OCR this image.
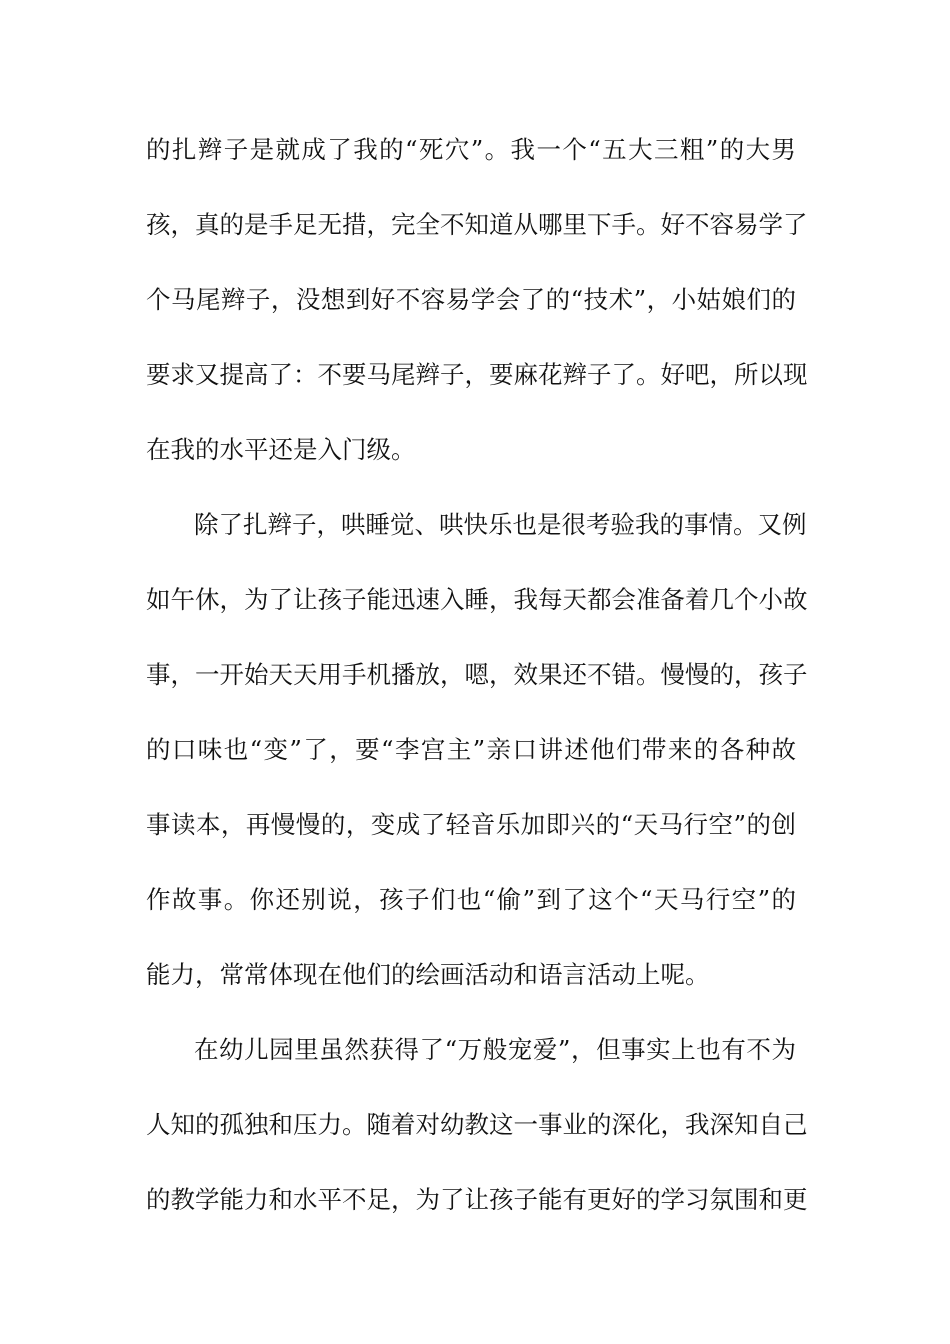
的扎辫子是就成了我的“死穴”。我一个“五大三粗”的大男
孩，真的是手足无措，完全不知道从哪里下手。好不容易学了
个马尾辫子，没想到好不容易学会了的“技术”，小姑娘们的
要求又提高了：不要马尾辫子，要麻花辫子了。好吧，所以现
在我的水平还是入门级。
除了扎辫子，哄睡觉、哄快乐也是很考验我的事情。又例
如午休，为了让孩子能迅速入睡，我每天都会准备着几个小故
事，一开始天天用手机播放，嗯，效果还不错。慢慢的，孩子
的口味也“变”了，要“李宫主”亲口讲述他们带来的各种故
事读本，再慢慢的，变成了轻音乐加即兴的“天马行空”的创
作故事。你还别说，孩子们也“偷”到了这个“天马行空”的
能力，常常体现在他们的绘画活动和语言活动上呢。
在幼儿园里虽然获得了“万般宠爱”，但事实上也有不为
人知的孤独和压力。随着对幼教这一事业的深化，我深知自己
的教学能力和水平不足，为了让孩子能有更好的学习氛围和更
